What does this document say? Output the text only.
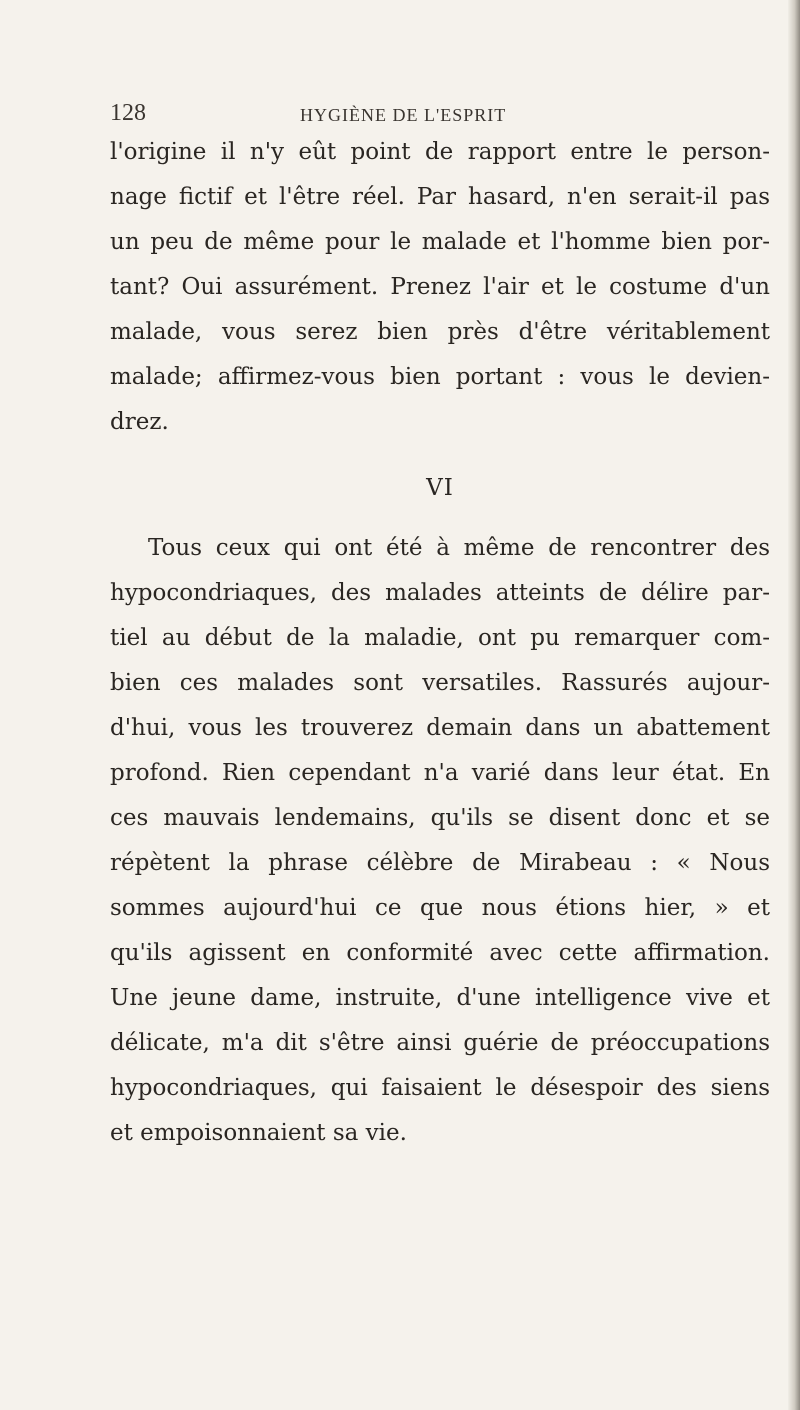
128	HYGIÈNE DE L'ESPRIT
l'origine il n'y eût point de rapport entre le person-
nage fictif et l'être réel. Par hasard, n'en serait-il pas
un peu de même pour le malade et l'homme bien por-
tant? Oui assurément. Prenez l'air et le costume d'un
malade, vous serez bien près d'être véritablement
malade; affirmez-vous bien portant : vous le devien-
drez.
VI
Tous ceux qui ont été à même de rencontrer des
hypocondriaques, des malades atteints de délire par-
tiel au début de la maladie, ont pu remarquer com-
bien ces malades sont versatiles. Rassurés aujour-
d'hui, vous les trouverez demain dans un abattement
profond. Rien cependant n'a varié dans leur état. En
ces mauvais lendemains, qu'ils se disent donc et se
répètent la phrase célèbre de Mirabeau : « Nous
sommes aujourd'hui ce que nous étions hier, » et
qu'ils agissent en conformité avec cette affirmation.
Une jeune dame, instruite, d'une intelligence vive et
délicate, m'a dit s'être ainsi guérie de préoccupations
hypocondriaques, qui faisaient le désespoir des siens
et empoisonnaient sa vie.
